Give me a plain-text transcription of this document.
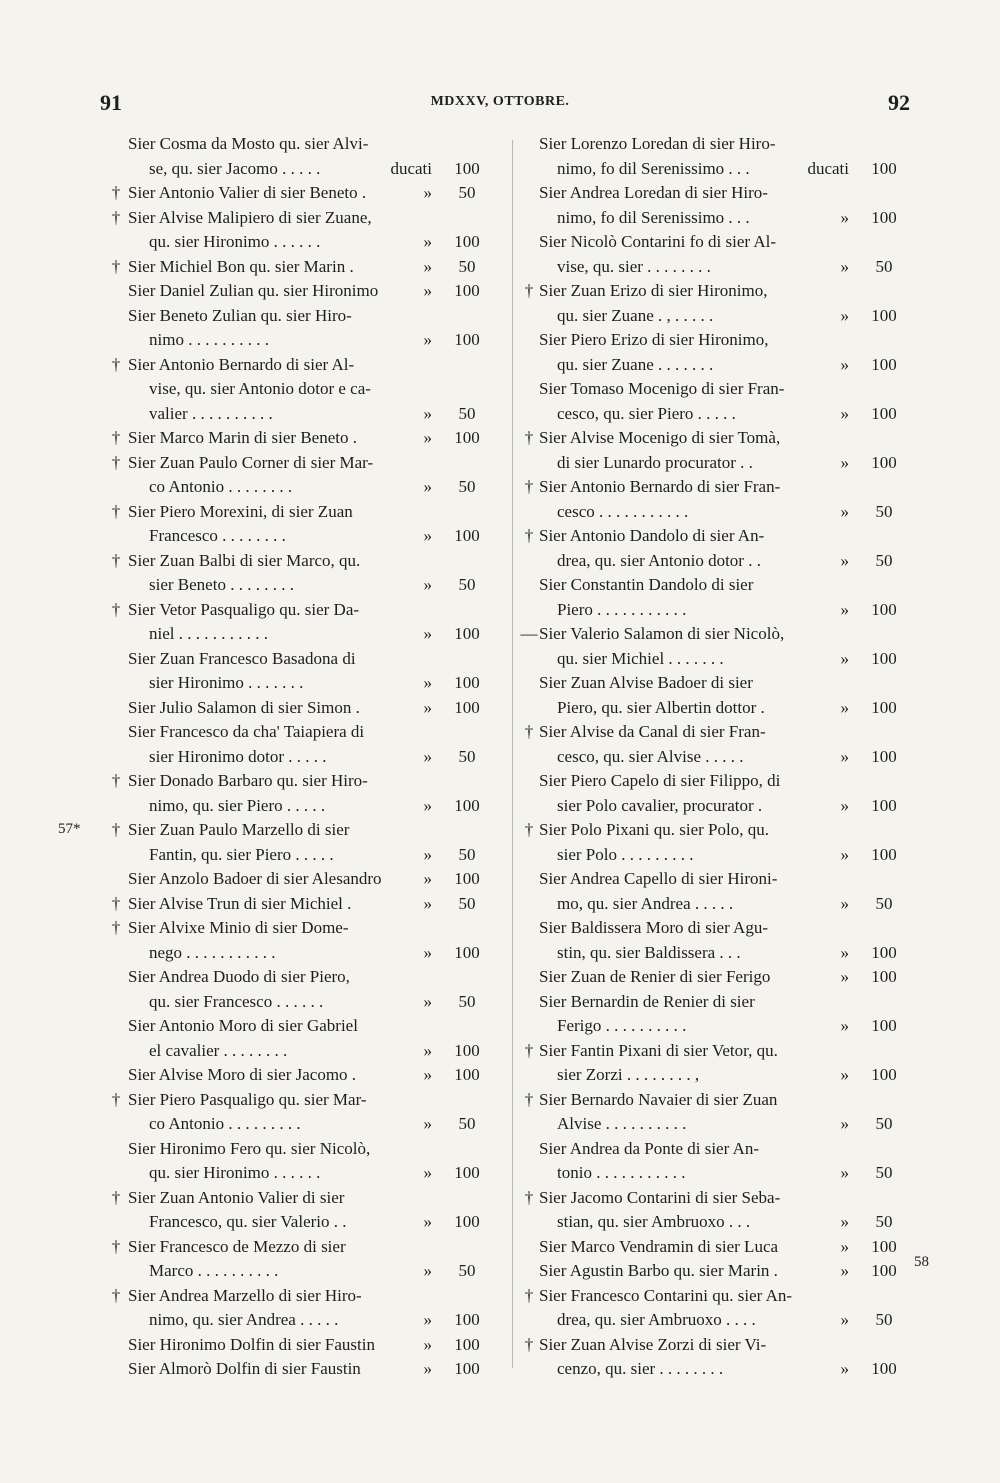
91	MDXXV, OTTOBRE.	92
Sier Cosma da Mosto qu. sier Alvi-
se, qu. sier Jacomo . . . . .	ducati 100
† Sier Antonio Valier di sier Beneto .	» 50
† Sier Alvise Malipiero di sier Zuane,
qu. sier Hironimo . . . . . .	» 100
† Sier Michiel Bon qu. sier Marin .	» 50
Sier Daniel Zulian qu. sier Hironimo	» 100
Sier Beneto Zulian qu. sier Hiro-
nimo . . . . . . . . . .	» 100
† Sier Antonio Bernardo di sier Al-
vise, qu. sier Antonio dotor e ca-
valier . . . . . . . . . .	» 50
† Sier Marco Marin di sier Beneto .	» 100
† Sier Zuan Paulo Corner di sier Mar-
co Antonio . . . . . . . .	» 50
† Sier Piero Morexini, di sier Zuan
Francesco . . . . . . . .	» 100
† Sier Zuan Balbi di sier Marco, qu.
sier Beneto . . . . . . . .	» 50
† Sier Vetor Pasqualigo qu. sier Da-
niel . . . . . . . . . . .	» 100
Sier Zuan Francesco Basadona di
sier Hironimo . . . . . . .	» 100
Sier Julio Salamon di sier Simon .	» 100
Sier Francesco da cha' Taiapiera di
sier Hironimo dotor . . . . .	» 50
† Sier Donado Barbaro qu. sier Hiro-
nimo, qu. sier Piero . . . . .	» 100
† Sier Zuan Paulo Marzello di sier
Fantin, qu. sier Piero . . . . .	» 50
Sier Anzolo Badoer di sier Alesandro » 100
† Sier Alvise Trun di sier Michiel .	» 50
† Sier Alvixe Minio di sier Dome-
nego . . . . . . . . . . .	» 100
Sier Andrea Duodo di sier Piero,
qu. sier Francesco . . . . . .	» 50
Sier Antonio Moro di sier Gabriel
el cavalier . . . . . . . .	» 100
Sier Alvise Moro di sier Jacomo .	» 100
† Sier Piero Pasqualigo qu. sier Mar-
co Antonio . . . . . . . . .	» 50
Sier Hironimo Fero qu. sier Nicolò,
qu. sier Hironimo . . . . . .	» 100
† Sier Zuan Antonio Valier di sier
Francesco, qu. sier Valerio . .	» 100
† Sier Francesco de Mezzo di sier
Marco . . . . . . . . . .	» 50
† Sier Andrea Marzello di sier Hiro-
nimo, qu. sier Andrea . . . . .	» 100
Sier Hironimo Dolfin di sier Faustin	» 100
Sier Almorò Dolfin di sier Faustin	» 100
Sier Lorenzo Loredan di sier Hiro-
nimo, fo dil Serenissimo . . .	ducati 100
Sier Andrea Loredan di sier Hiro-
nimo, fo dil Serenissimo . . .	» 100
Sier Nicolò Contarini fo di sier Al-
vise, qu. sier . . . . . . . .	» 50
† Sier Zuan Erizo di sier Hironimo,
qu. sier Zuane . , . . . . .	» 100
Sier Piero Erizo di sier Hironimo,
qu. sier Zuane . . . . . . .	» 100
Sier Tomaso Mocenigo di sier Fran-
cesco, qu. sier Piero . . . . .	» 100
† Sier Alvise Mocenigo di sier Tomà,
di sier Lunardo procurator . .	» 100
† Sier Antonio Bernardo di sier Fran-
cesco . . . . . . . . . . .	» 50
† Sier Antonio Dandolo di sier An-
drea, qu. sier Antonio dotor . .	» 50
Sier Constantin Dandolo di sier
Piero . . . . . . . . . . .	» 100
— Sier Valerio Salamon di sier Nicolò,
qu. sier Michiel . . . . . . .	» 100
Sier Zuan Alvise Badoer di sier
Piero, qu. sier Albertin dottor .	» 100
† Sier Alvise da Canal di sier Fran-
cesco, qu. sier Alvise . . . . .	» 100
Sier Piero Capelo di sier Filippo, di
sier Polo cavalier, procurator .	» 100
† Sier Polo Pixani qu. sier Polo, qu.
sier Polo . . . . . . . . .	» 100
Sier Andrea Capello di sier Hironi-
mo, qu. sier Andrea . . . . .	» 50
Sier Baldissera Moro di sier Agu-
stin, qu. sier Baldissera . . .	» 100
Sier Zuan de Renier di sier Ferigo	» 100
Sier Bernardin de Renier di sier
Ferigo . . . . . . . . . .	» 100
† Sier Fantin Pixani di sier Vetor, qu.
sier Zorzi . . . . . . . . ,	» 100
† Sier Bernardo Navaier di sier Zuan
Alvise . . . . . . . . . .	» 50
Sier Andrea da Ponte di sier An-
tonio . . . . . . . . . . .	» 50
† Sier Jacomo Contarini di sier Seba-
stian, qu. sier Ambruoxo . . .	» 50
Sier Marco Vendramin di sier Luca	» 100
Sier Agustin Barbo qu. sier Marin .	» 100
† Sier Francesco Contarini qu. sier An-
drea, qu. sier Ambruoxo . . . .	» 50
† Sier Zuan Alvise Zorzi di sier Vi-
cenzo, qu. sier . . . . . . . .	» 100
57*
58
